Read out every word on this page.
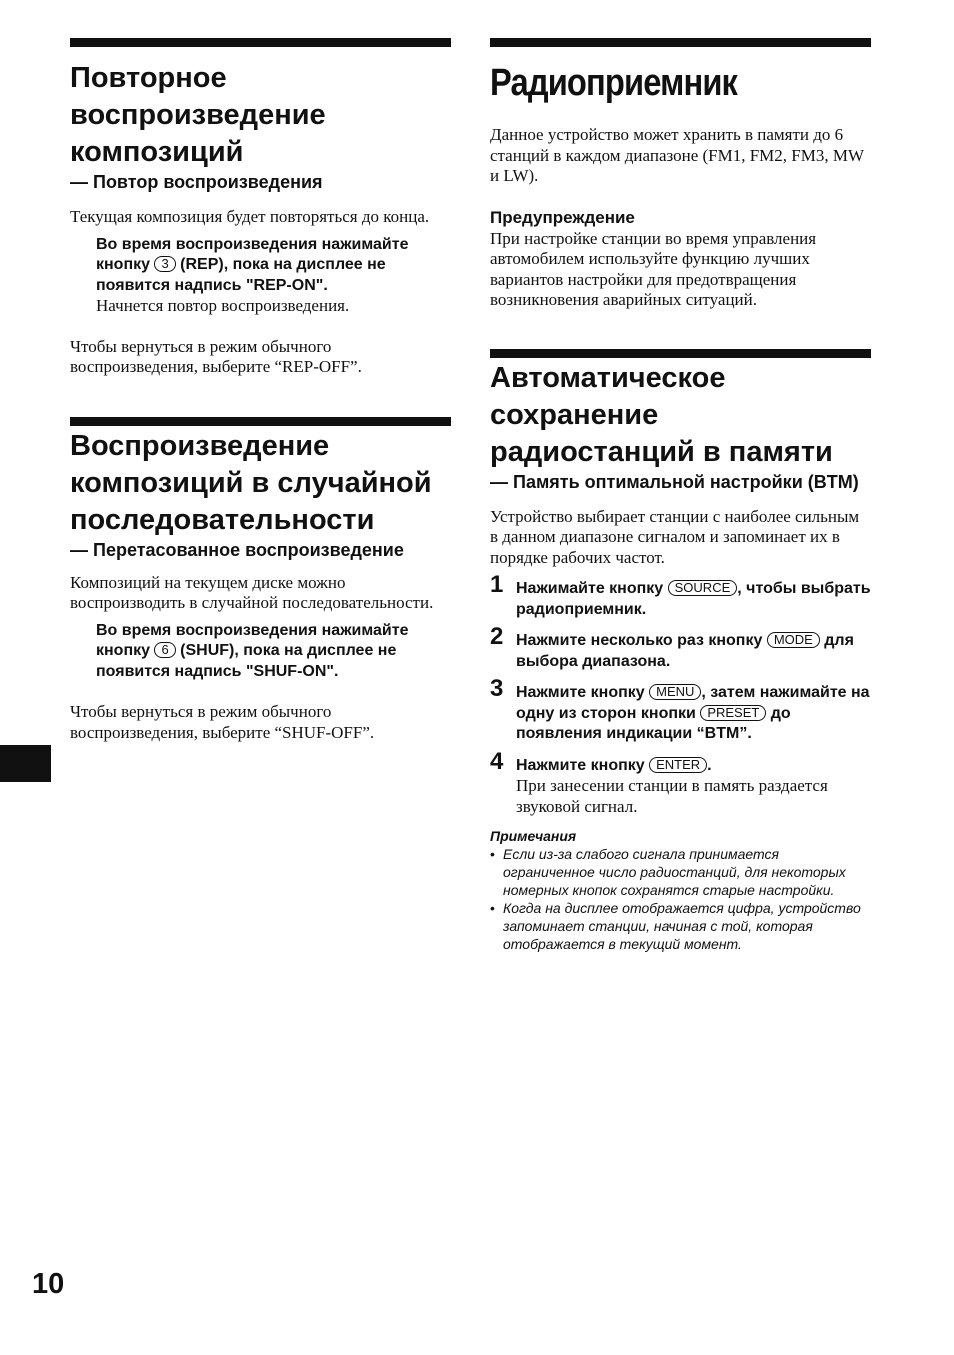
Повторное воспроизведение композиций
— Повтор воспроизведения
Текущая композиция будет повторяться до конца.
Во время воспроизведения нажимайте кнопку 3 (REP), пока на дисплее не появится надпись "REP-ON".
Начнется повтор воспроизведения.
Чтобы вернуться в режим обычного воспроизведения, выберите “REP-OFF”.
Воспроизведение композиций в случайной последовательности
— Перетасованное воспроизведение
Композиций на текущем диске можно воспроизводить в случайной последовательности.
Во время воспроизведения нажимайте кнопку 6 (SHUF), пока на дисплее не появится надпись "SHUF-ON".
Чтобы вернуться в режим обычного воспроизведения, выберите “SHUF-OFF”.
Радиоприемник
Данное устройство может хранить в памяти до 6 станций в каждом диапазоне (FM1, FM2, FM3, MW и LW).
Предупреждение
При настройке станции во время управления автомобилем используйте функцию лучших вариантов настройки для предотвращения возникновения аварийных ситуаций.
Автоматическое сохранение радиостанций в памяти
— Память оптимальной настройки (BTM)
Устройство выбирает станции с наиболее сильным в данном диапазоне сигналом и запоминает их в порядке рабочих частот.
1 Нажимайте кнопку SOURCE , чтобы выбрать радиоприемник.
2 Нажмите несколько раз кнопку MODE для выбора диапазона.
3 Нажмите кнопку MENU , затем нажимайте на одну из сторон кнопки PRESET до появления индикации “BTM”.
4 Нажмите кнопку ENTER .
При занесении станции в память раздается звуковой сигнал.
Примечания
• Если из-за слабого сигнала принимается ограниченное число радиостанций, для некоторых номерных кнопок сохранятся старые настройки.
• Когда на дисплее отображается цифра, устройство запоминает станции, начиная с той, которая отображается в текущий момент.
10
